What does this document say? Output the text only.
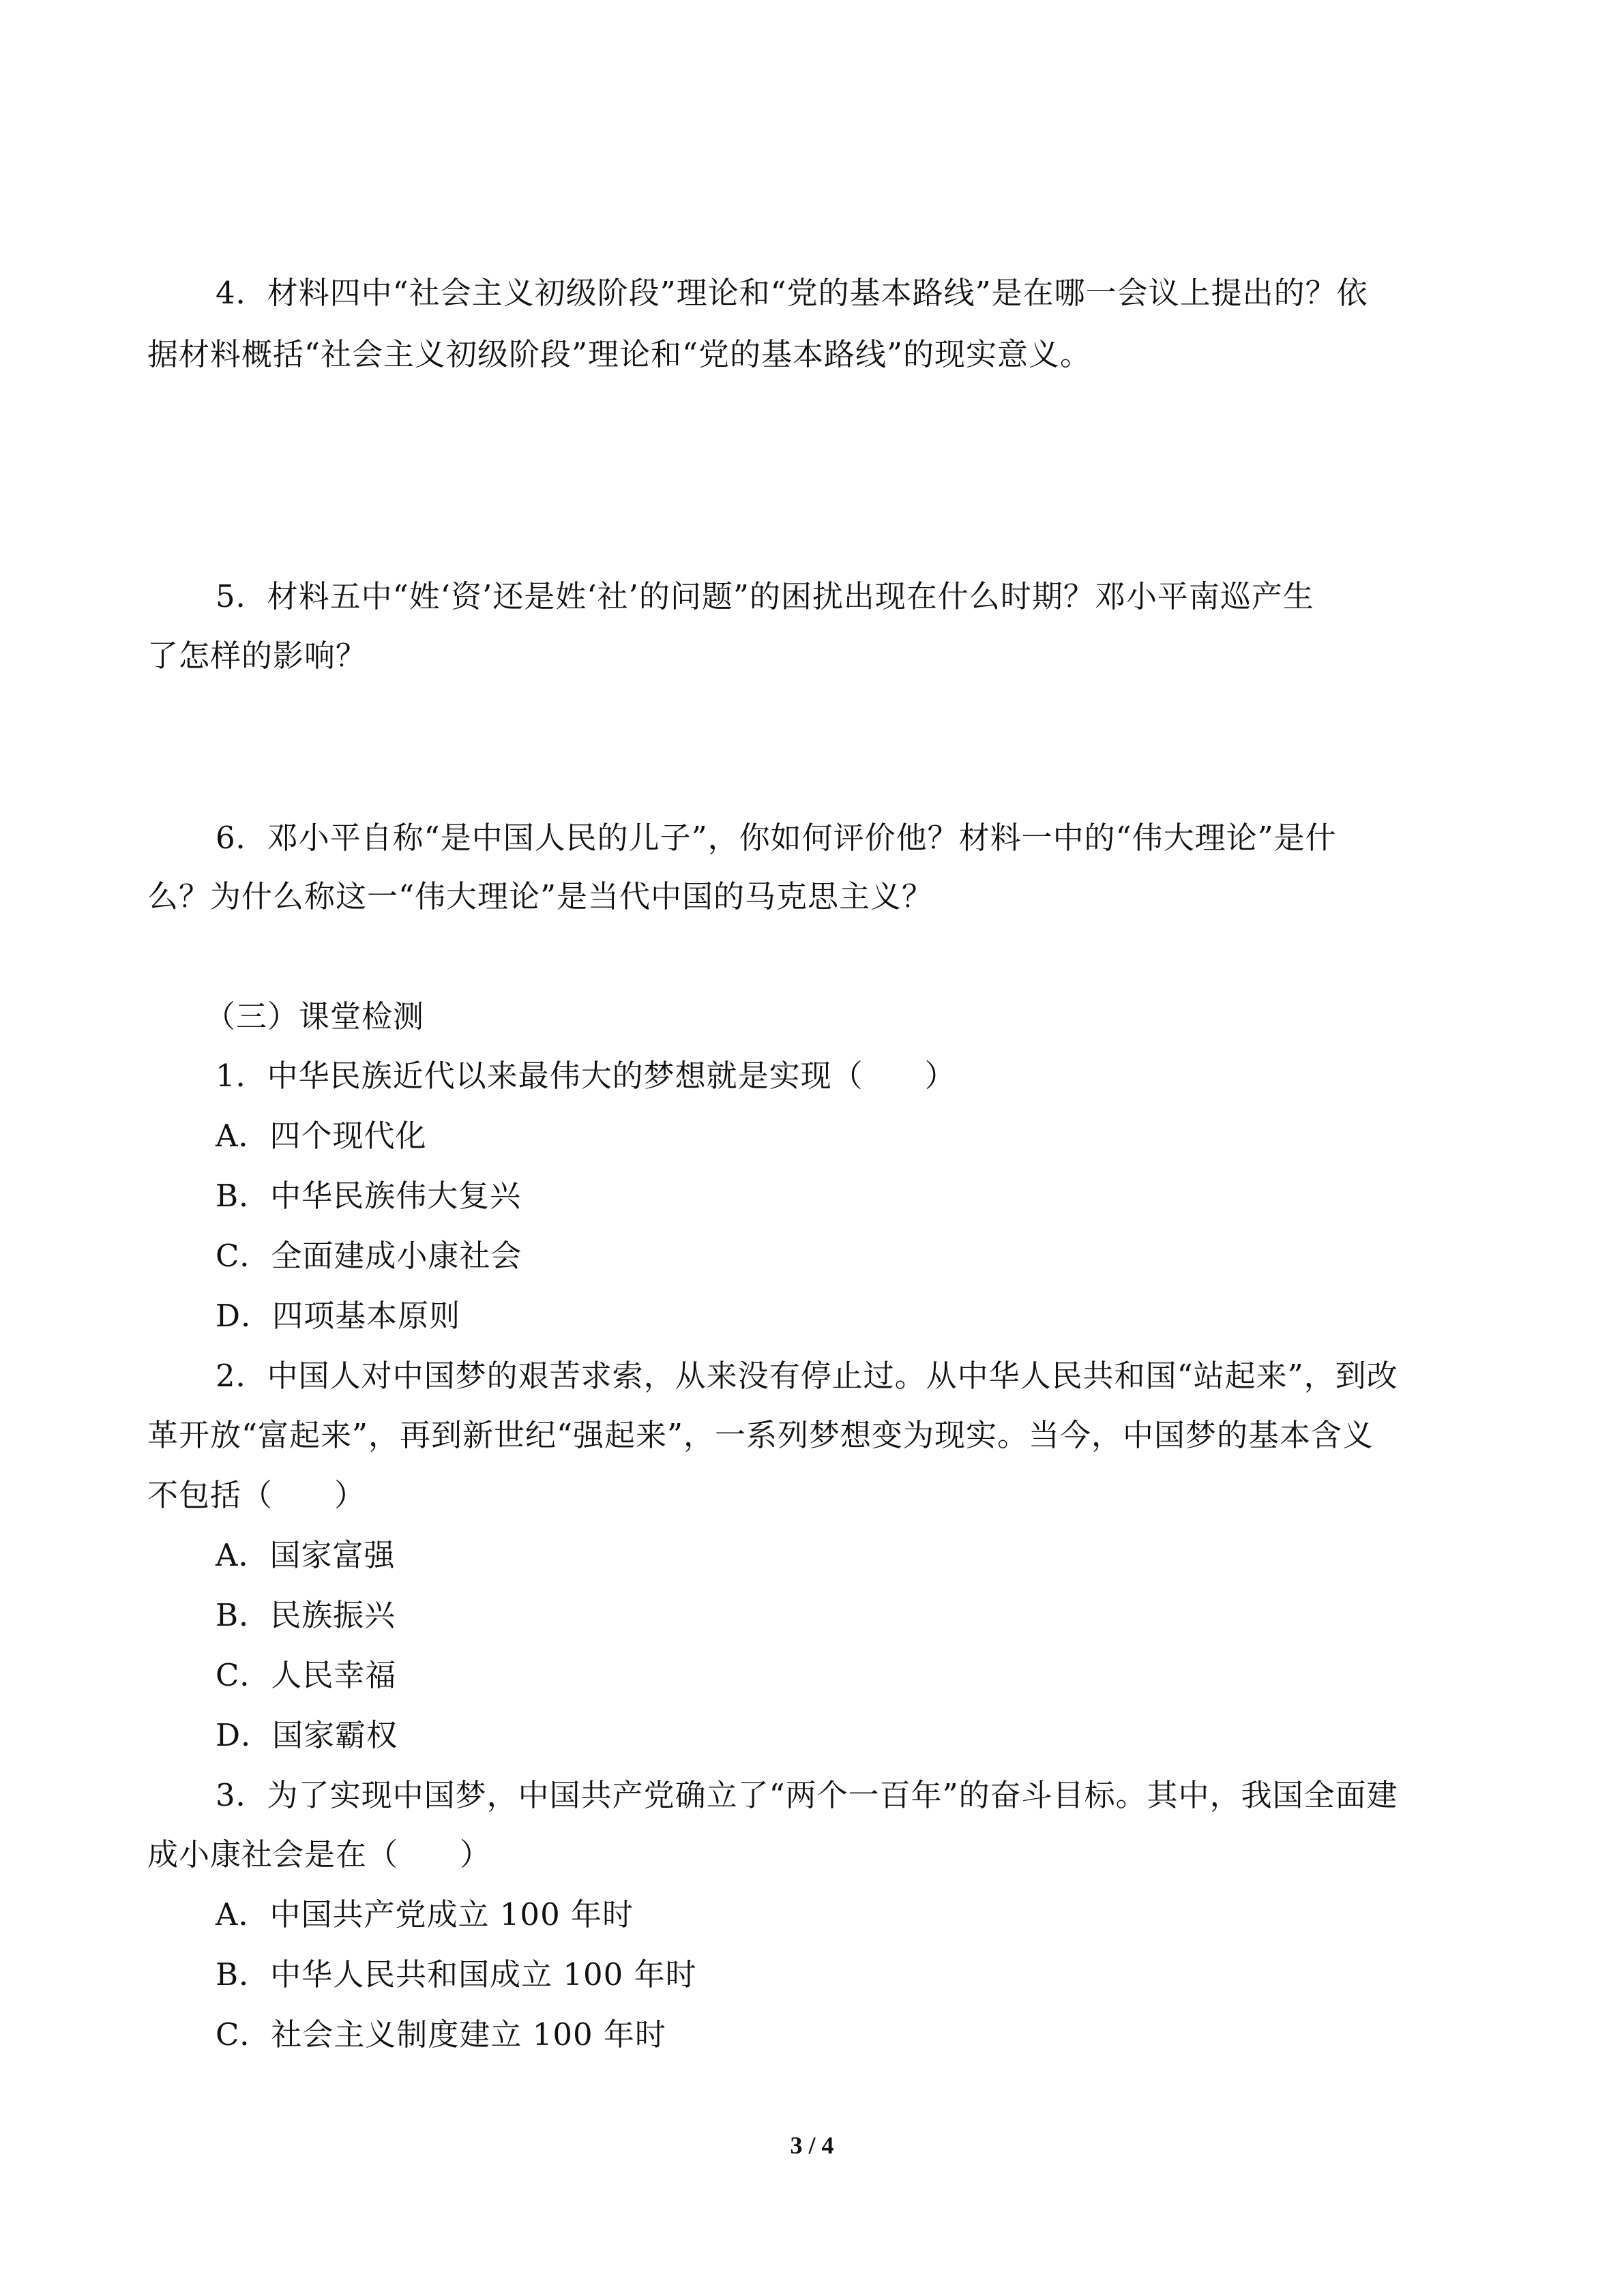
4．材料四中“社会主义初级阶段”理论和“党的基本路线”是在哪一会议上提出的？依
据材料概括“社会主义初级阶段”理论和“党的基本路线”的现实意义。
5．材料五中“姓‘资’还是姓‘社’的问题”的困扰出现在什么时期？邓小平南巡产生
了怎样的影响？
6．邓小平自称“是中国人民的儿子”，你如何评价他？材料一中的“伟大理论”是什
么？为什么称这一“伟大理论”是当代中国的马克思主义？
（三）课堂检测
1．中华民族近代以来最伟大的梦想就是实现（ ）
A．四个现代化
B．中华民族伟大复兴
C．全面建成小康社会
D．四项基本原则
2．中国人对中国梦的艰苦求索，从来没有停止过。从中华人民共和国“站起来”，到改
革开放“富起来”，再到新世纪“强起来”，一系列梦想变为现实。当今，中国梦的基本含义
不包括（ ）
A．国家富强
B．民族振兴
C．人民幸福
D．国家霸权
3．为了实现中国梦，中国共产党确立了“两个一百年”的奋斗目标。其中，我国全面建
成小康社会是在（ ）
A．中国共产党成立 100 年时
B．中华人民共和国成立 100 年时
C．社会主义制度建立 100 年时
3 / 4
